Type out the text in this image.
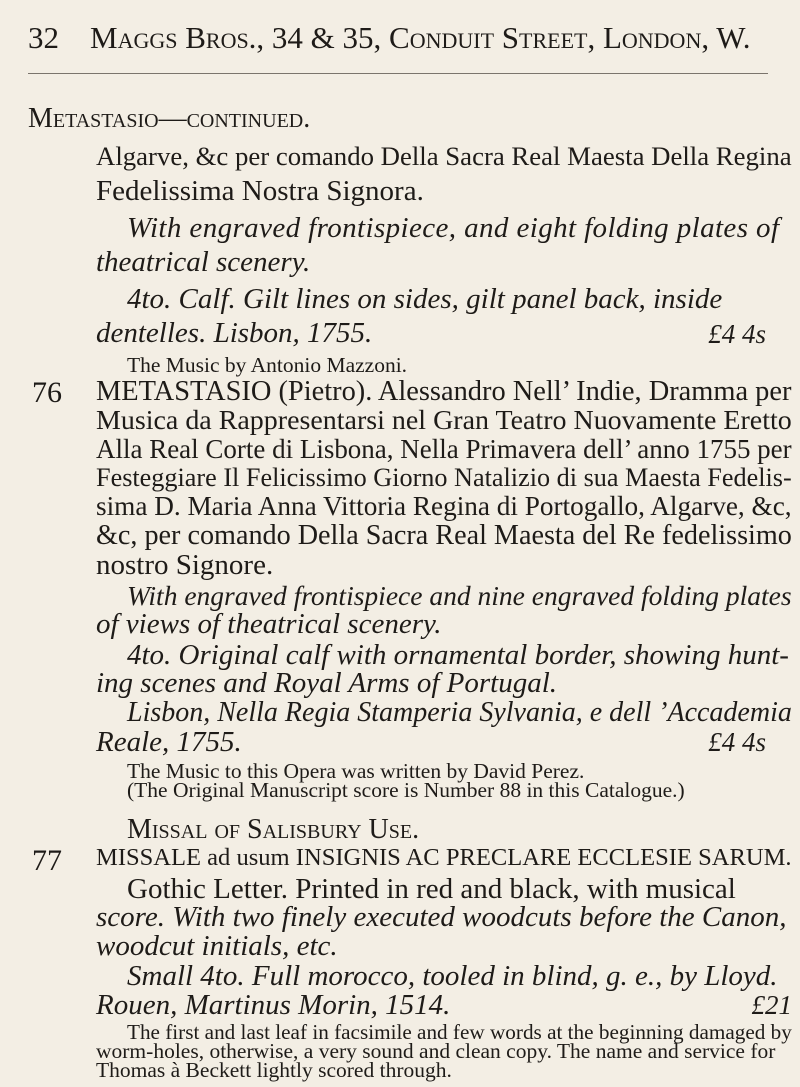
32 Maggs Bros., 34 & 35, Conduit Street, London, W.
Metastasio—continued.
Algarve, &c per comando Della Sacra Real Maesta Della Regina
Fedelissima Nostra Signora.
With engraved frontispiece, and eight folding plates of
theatrical scenery.
4to. Calf. Gilt lines on sides, gilt panel back, inside
dentelles. Lisbon, 1755.	£4 4s
The Music by Antonio Mazzoni.
76 METASTASIO (Pietro). Alessandro Nell’ Indie, Dramma per
Musica da Rappresentarsi nel Gran Teatro Nuovamente Eretto
Alla Real Corte di Lisbona, Nella Primavera dell’ anno 1755 per
Festeggiare Il Felicissimo Giorno Natalizio di sua Maesta Fedelis-
sima D. Maria Anna Vittoria Regina di Portogallo, Algarve, &c,
&c, per comando Della Sacra Real Maesta del Re fedelissimo
nostro Signore.
With engraved frontispiece and nine engraved folding plates
of views of theatrical scenery.
4to. Original calf with ornamental border, showing hunt-
ing scenes and Royal Arms of Portugal.
Lisbon, Nella Regia Stamperia Sylvania, e dell ’Accademia
Reale, 1755.	£4 4s
The Music to this Opera was written by David Perez.
(The Original Manuscript score is Number 88 in this Catalogue.)
Missal of Salisbury Use.
77 MISSALE ad usum INSIGNIS AC PRECLARE ECCLESIE SARUM.
Gothic Letter. Printed in red and black, with musical
score. With two finely executed woodcuts before the Canon,
woodcut initials, etc.
Small 4to. Full morocco, tooled in blind, g. e., by Lloyd.
Rouen, Martinus Morin, 1514.	£21
The first and last leaf in facsimile and few words at the beginning damaged by
worm-holes, otherwise, a very sound and clean copy. The name and service for
Thomas à Beckett lightly scored through.
